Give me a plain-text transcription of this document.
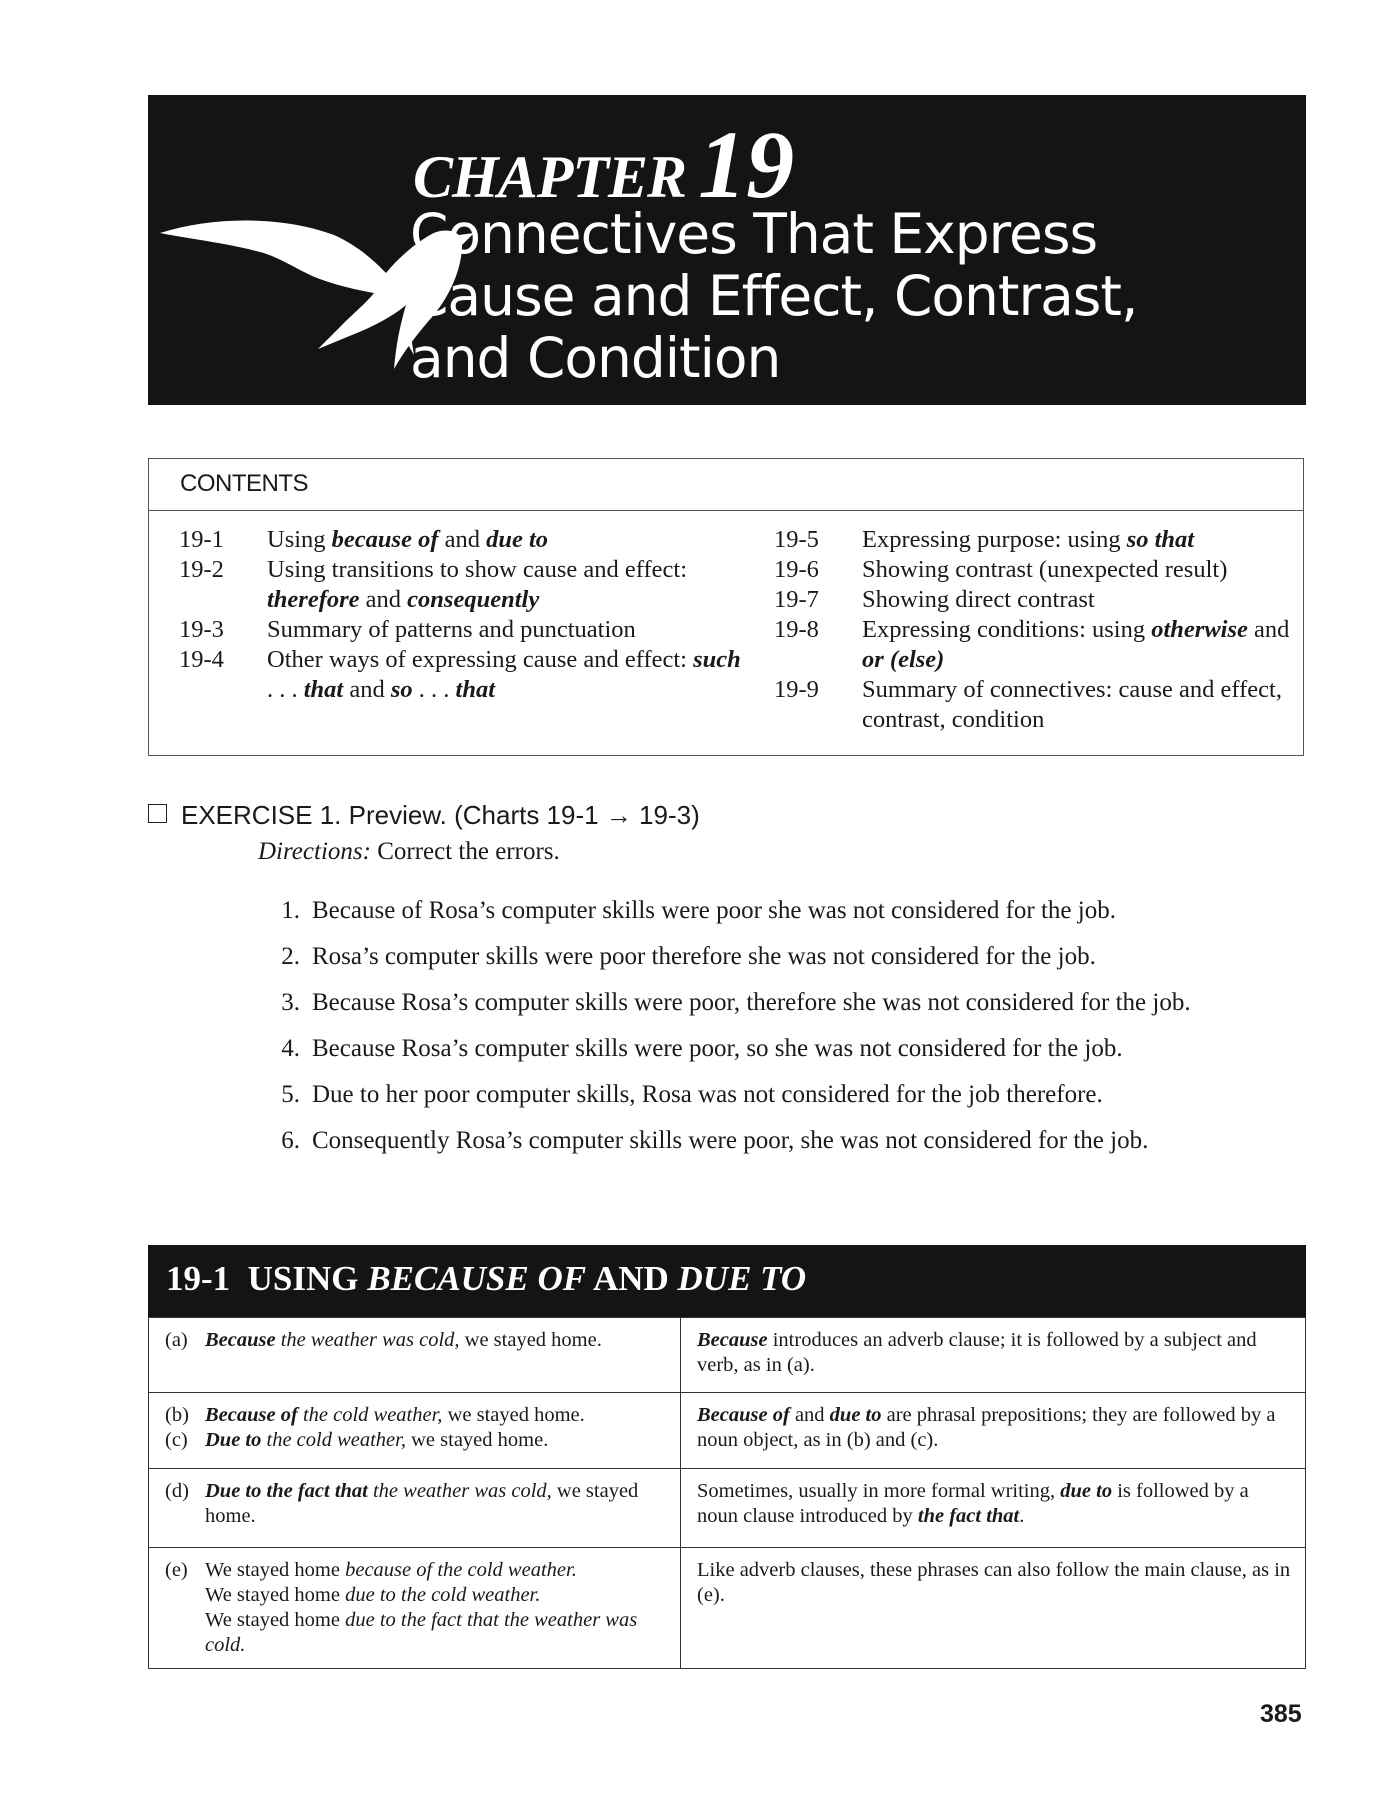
CHAPTER 19
Connectives That Express
Cause and Effect, Contrast,
and Condition
CONTENTS
19-1	Using because of and due to
19-2	Using transitions to show cause and effect: therefore and consequently
19-3	Summary of patterns and punctuation
19-4	Other ways of expressing cause and effect: such . . . that and so . . . that
19-5	Expressing purpose: using so that
19-6	Showing contrast (unexpected result)
19-7	Showing direct contrast
19-8	Expressing conditions: using otherwise and or (else)
19-9	Summary of connectives: cause and effect, contrast, condition
EXERCISE 1. Preview. (Charts 19-1 → 19-3)
Directions: Correct the errors.
1. Because of Rosa’s computer skills were poor she was not considered for the job.
2. Rosa’s computer skills were poor therefore she was not considered for the job.
3. Because Rosa’s computer skills were poor, therefore she was not considered for the job.
4. Because Rosa’s computer skills were poor, so she was not considered for the job.
5. Due to her poor computer skills, Rosa was not considered for the job therefore.
6. Consequently Rosa’s computer skills were poor, she was not considered for the job.
19-1 USING BECAUSE OF AND DUE TO
(a) Because the weather was cold, we stayed home.	Because introduces an adverb clause; it is followed by a subject and verb, as in (a).

(b) Because of the cold weather, we stayed home.
(c) Due to the cold weather, we stayed home.	Because of and due to are phrasal prepositions; they are followed by a noun object, as in (b) and (c).

(d) Due to the fact that the weather was cold, we stayed home.	Sometimes, usually in more formal writing, due to is followed by a noun clause introduced by the fact that.

(e) We stayed home because of the cold weather.
We stayed home due to the cold weather.
We stayed home due to the fact that the weather was cold.	Like adverb clauses, these phrases can also follow the main clause, as in (e).
385
